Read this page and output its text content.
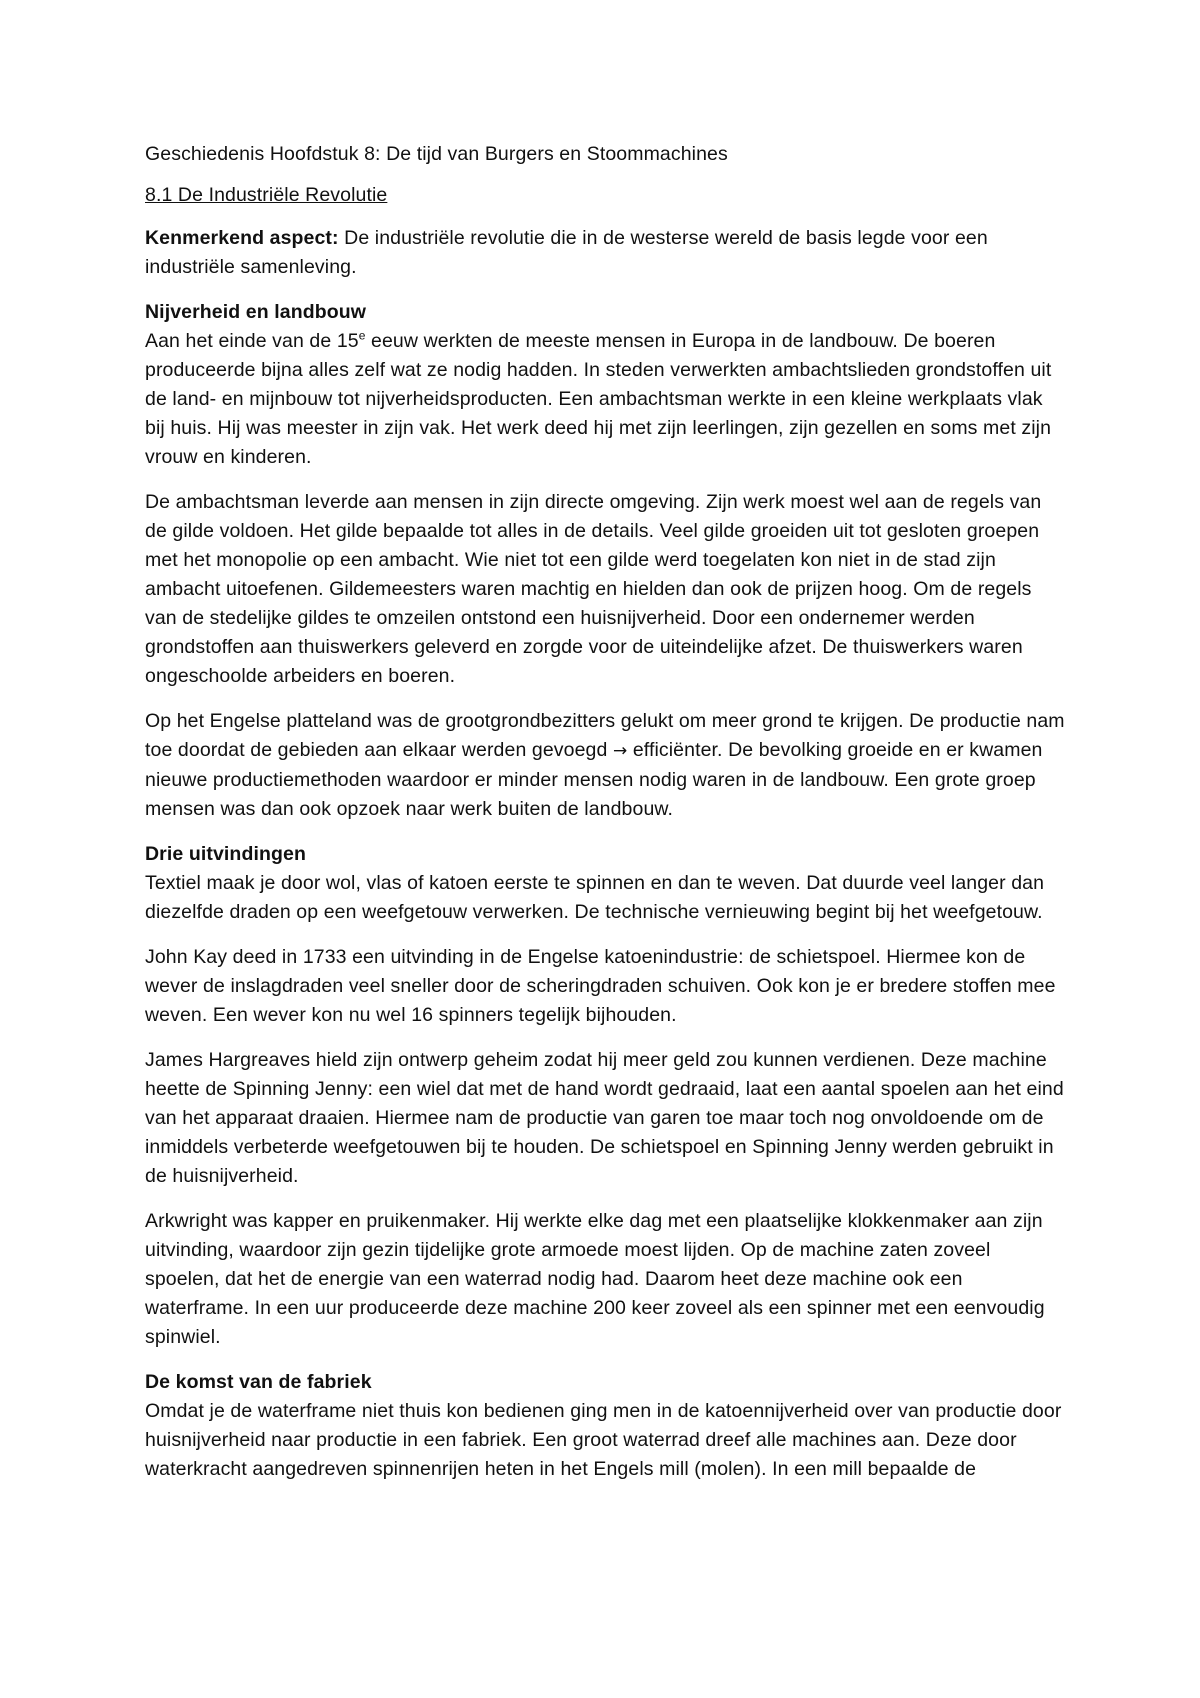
Geschiedenis Hoofdstuk 8: De tijd van Burgers en Stoommachines

8.1 De Industriële Revolutie

Kenmerkend aspect: De industriële revolutie die in de westerse wereld de basis legde voor een industriële samenleving.

Nijverheid en landbouw
Aan het einde van de 15e eeuw werkten de meeste mensen in Europa in de landbouw. De boeren produceerde bijna alles zelf wat ze nodig hadden. In steden verwerkten ambachtslieden grondstoffen uit de land- en mijnbouw tot nijverheidsproducten. Een ambachtsman werkte in een kleine werkplaats vlak bij huis. Hij was meester in zijn vak. Het werk deed hij met zijn leerlingen, zijn gezellen en soms met zijn vrouw en kinderen.

De ambachtsman leverde aan mensen in zijn directe omgeving. Zijn werk moest wel aan de regels van de gilde voldoen. Het gilde bepaalde tot alles in de details. Veel gilde groeiden uit tot gesloten groepen met het monopolie op een ambacht. Wie niet tot een gilde werd toegelaten kon niet in de stad zijn ambacht uitoefenen. Gildemeesters waren machtig en hielden dan ook de prijzen hoog. Om de regels van de stedelijke gildes te omzeilen ontstond een huisnijverheid. Door een ondernemer werden grondstoffen aan thuiswerkers geleverd en zorgde voor de uiteindelijke afzet. De thuiswerkers waren ongeschoolde arbeiders en boeren.

Op het Engelse platteland was de grootgrondbezitters gelukt om meer grond te krijgen. De productie nam toe doordat de gebieden aan elkaar werden gevoegd → efficiënter. De bevolking groeide en er kwamen nieuwe productiemethoden waardoor er minder mensen nodig waren in de landbouw. Een grote groep mensen was dan ook opzoek naar werk buiten de landbouw.

Drie uitvindingen
Textiel maak je door wol, vlas of katoen eerste te spinnen en dan te weven. Dat duurde veel langer dan diezelfde draden op een weefgetouw verwerken. De technische vernieuwing begint bij het weefgetouw.

John Kay deed in 1733 een uitvinding in de Engelse katoenindustrie: de schietspoel. Hiermee kon de wever de inslagdraden veel sneller door de scheringdraden schuiven. Ook kon je er bredere stoffen mee weven. Een wever kon nu wel 16 spinners tegelijk bijhouden.

James Hargreaves hield zijn ontwerp geheim zodat hij meer geld zou kunnen verdienen. Deze machine heette de Spinning Jenny: een wiel dat met de hand wordt gedraaid, laat een aantal spoelen aan het eind van het apparaat draaien. Hiermee nam de productie van garen toe maar toch nog onvoldoende om de inmiddels verbeterde weefgetouwen bij te houden. De schietspoel en Spinning Jenny werden gebruikt in de huisnijverheid.

Arkwright was kapper en pruikenmaker. Hij werkte elke dag met een plaatselijke klokkenmaker aan zijn uitvinding, waardoor zijn gezin tijdelijke grote armoede moest lijden. Op de machine zaten zoveel spoelen, dat het de energie van een waterrad nodig had. Daarom heet deze machine ook een waterframe. In een uur produceerde deze machine 200 keer zoveel als een spinner met een eenvoudig spinwiel.

De komst van de fabriek
Omdat je de waterframe niet thuis kon bedienen ging men in de katoennijverheid over van productie door huisnijverheid naar productie in een fabriek. Een groot waterrad dreef alle machines aan. Deze door waterkracht aangedreven spinnenrijen heten in het Engels mill (molen). In een mill bepaalde de
